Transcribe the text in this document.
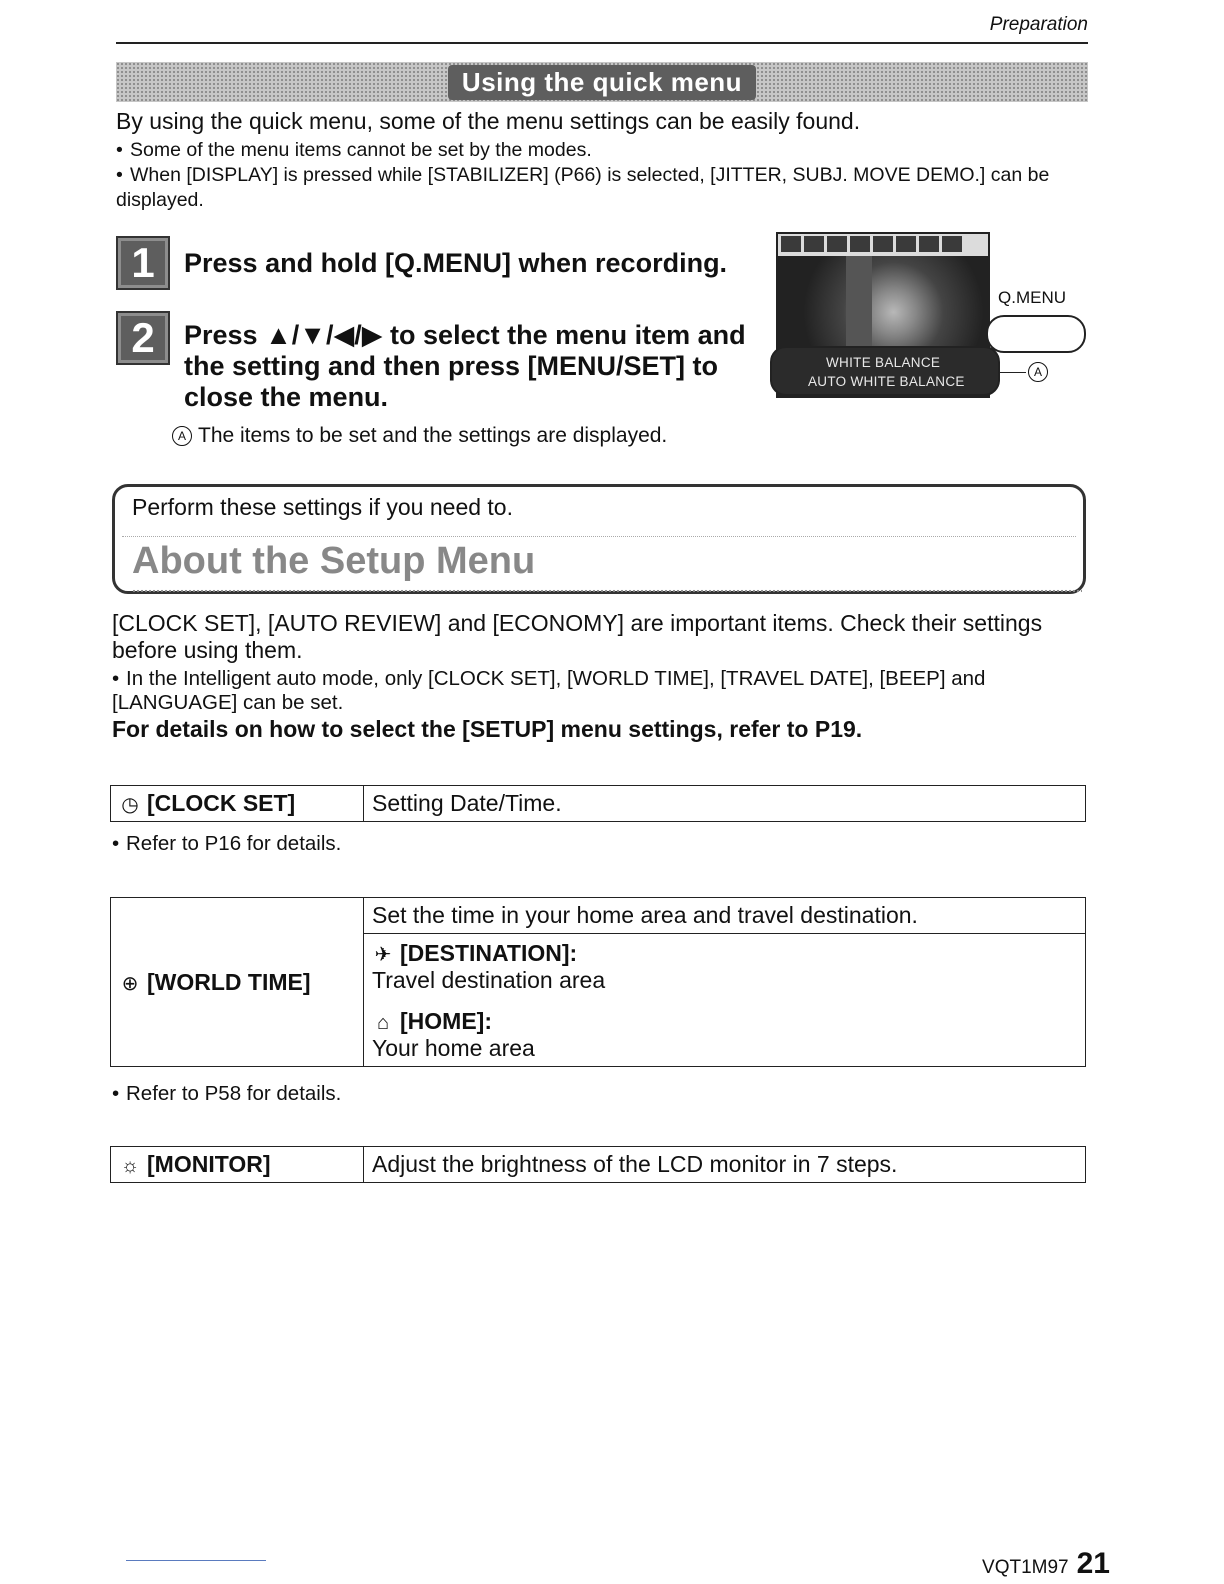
Preparation
Using the quick menu
By using the quick menu, some of the menu settings can be easily found.
• Some of the menu items cannot be set by the modes.
• When [DISPLAY] is pressed while [STABILIZER] (P66) is selected, [JITTER, SUBJ. MOVE DEMO.] can be displayed.
1	Press and hold [Q.MENU] when recording.
2	Press ▲/▼/◀/▶ to select the menu item and the setting and then press [MENU/SET] to close the menu.
A The items to be set and the settings are displayed.
WHITE BALANCE
AUTO WHITE BALANCE
Q.MENU
A
Perform these settings if you need to.
About the Setup Menu
[CLOCK SET], [AUTO REVIEW] and [ECONOMY] are important items. Check their settings before using them.
• In the Intelligent auto mode, only [CLOCK SET], [WORLD TIME], [TRAVEL DATE], [BEEP] and [LANGUAGE] can be set.
For details on how to select the [SETUP] menu settings, refer to P19.
◷ [CLOCK SET]	Setting Date/Time.
• Refer to P16 for details.
⊕ [WORLD TIME]	Set the time in your home area and travel destination.

✈ [DESTINATION]:
Travel destination area
⌂ [HOME]:
Your home area
• Refer to P58 for details.
☼ [MONITOR]	Adjust the brightness of the LCD monitor in 7 steps.
VQT1M97 21
